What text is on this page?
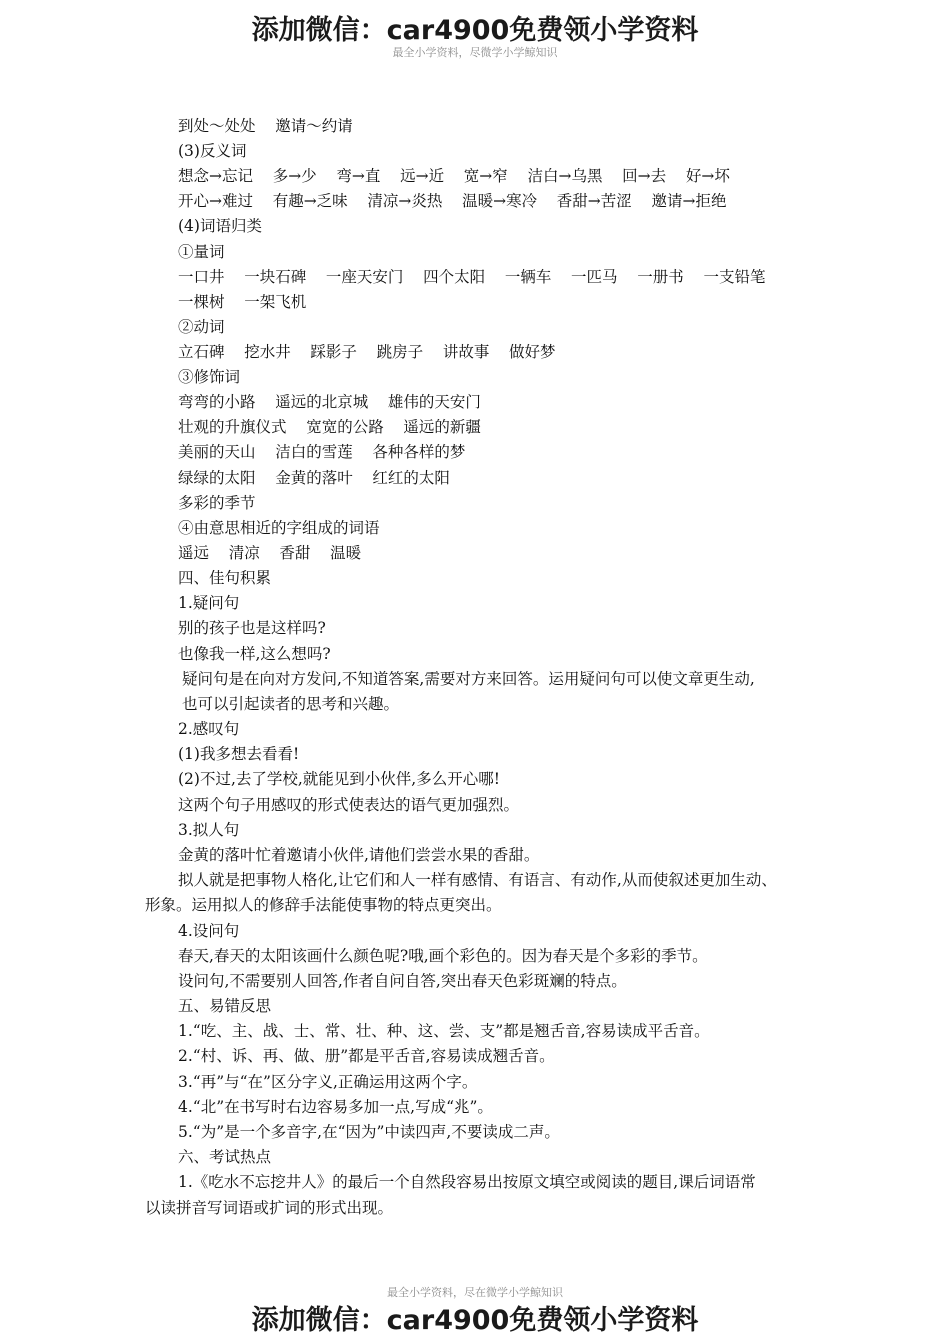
添加微信：car4900免费领小学资料
最全小学资料，尽微学小学鲸知识
到处～处处    邀请～约请
(3)反义词
想念→忘记    多→少    弯→直    远→近    宽→窄    洁白→乌黑    回→去    好→坏
开心→难过    有趣→乏味    清凉→炎热    温暖→寒冷    香甜→苦涩    邀请→拒绝
(4)词语归类
①量词
一口井    一块石碑    一座天安门    四个太阳    一辆车    一匹马    一册书    一支铅笔
一棵树    一架飞机
②动词
立石碑    挖水井    踩影子    跳房子    讲故事    做好梦
③修饰词
弯弯的小路    遥远的北京城    雄伟的天安门
壮观的升旗仪式    宽宽的公路    遥远的新疆
美丽的天山    洁白的雪莲    各种各样的梦
绿绿的太阳    金黄的落叶    红红的太阳
多彩的季节
④由意思相近的字组成的词语
遥远    清凉    香甜    温暖
四、佳句积累
1.疑问句
别的孩子也是这样吗?
也像我一样,这么想吗?
疑问句是在向对方发问,不知道答案,需要对方来回答。运用疑问句可以使文章更生动,
也可以引起读者的思考和兴趣。
2.感叹句
(1)我多想去看看!
(2)不过,去了学校,就能见到小伙伴,多么开心哪!
这两个句子用感叹的形式使表达的语气更加强烈。
3.拟人句
金黄的落叶忙着邀请小伙伴,请他们尝尝水果的香甜。
拟人就是把事物人格化,让它们和人一样有感情、有语言、有动作,从而使叙述更加生动、
形象。运用拟人的修辞手法能使事物的特点更突出。
4.设问句
春天,春天的太阳该画什么颜色呢?哦,画个彩色的。因为春天是个多彩的季节。
设问句,不需要别人回答,作者自问自答,突出春天色彩斑斓的特点。
五、易错反思
1.“吃、主、战、士、常、壮、种、这、尝、支”都是翘舌音,容易读成平舌音。
2.“村、诉、再、做、册”都是平舌音,容易读成翘舌音。
3.“再”与“在”区分字义,正确运用这两个字。
4.“北”在书写时右边容易多加一点,写成“兆”。
5.“为”是一个多音字,在“因为”中读四声,不要读成二声。
六、考试热点
1.《吃水不忘挖井人》的最后一个自然段容易出按原文填空或阅读的题目,课后词语常
以读拼音写词语或扩词的形式出现。
最全小学资料，尽在微学小学鲸知识
添加微信：car4900免费领小学资料
